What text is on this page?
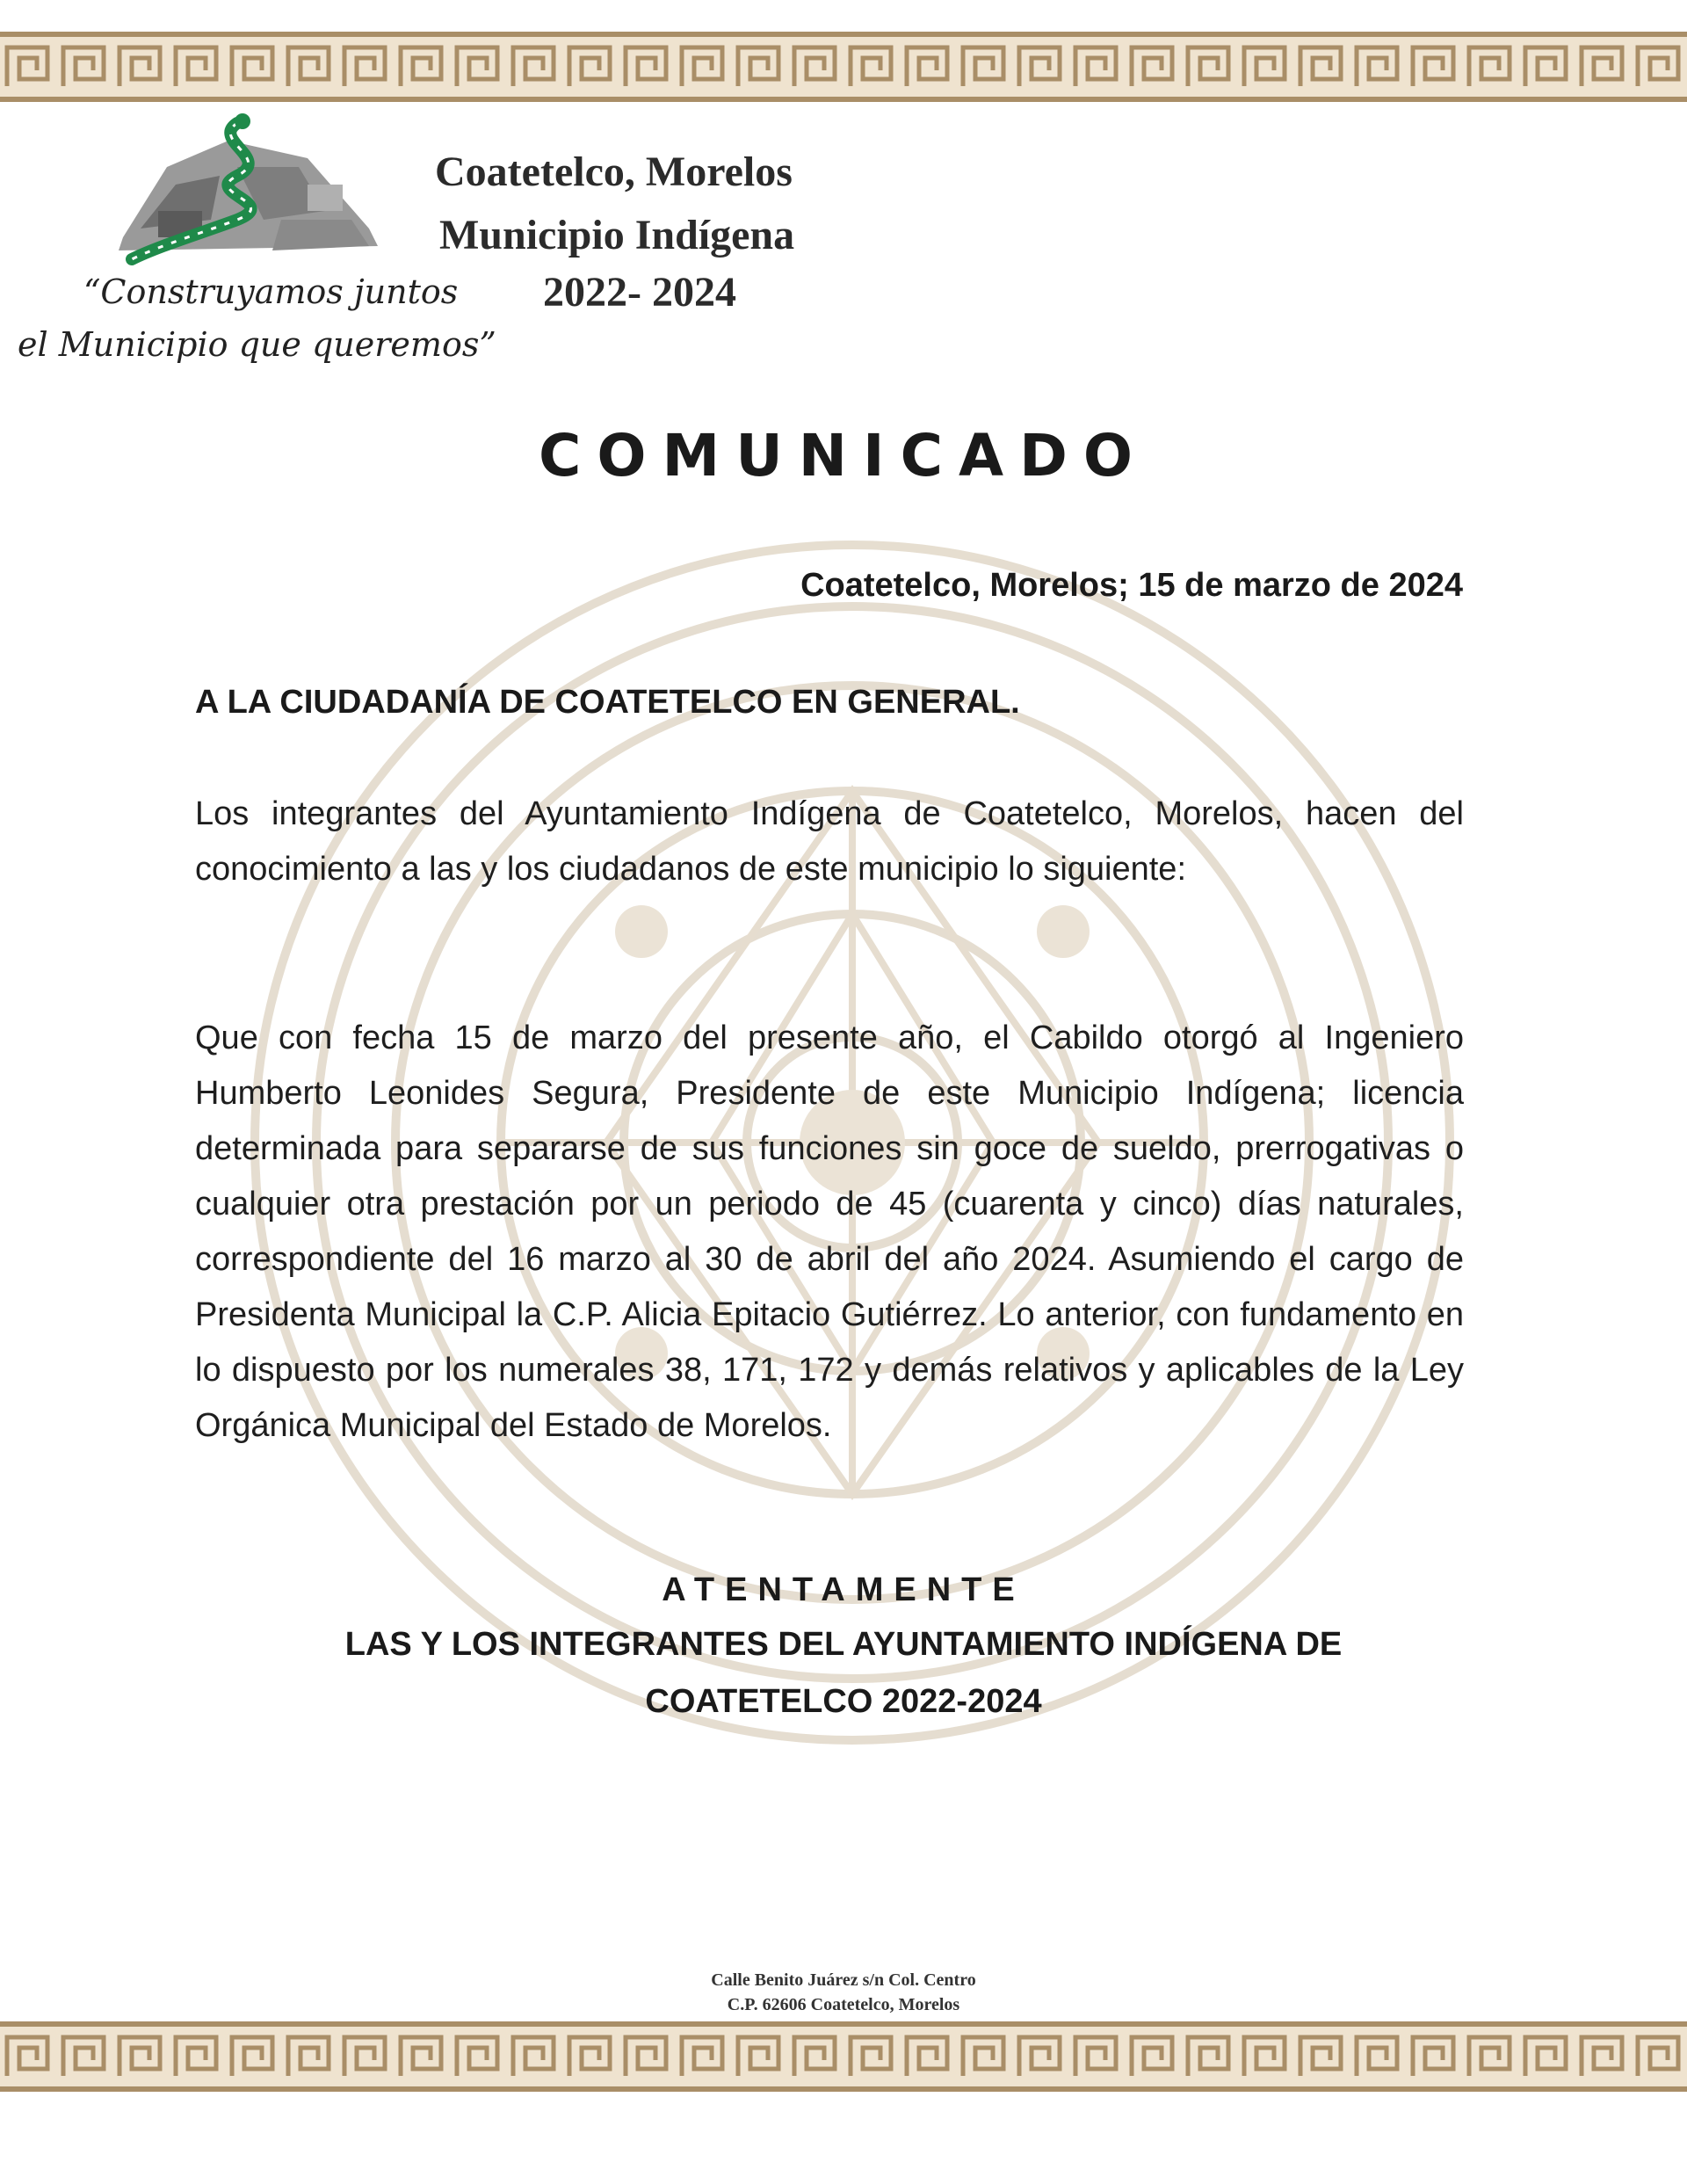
Coatetelco, Morelos
Municipio Indígena
2022- 2024
“Construyamos juntos
el Municipio que queremos”
COMUNICADO
Coatetelco, Morelos; 15 de marzo de 2024
A LA CIUDADANÍA DE COATETELCO EN GENERAL.
Los integrantes del Ayuntamiento Indígena de Coatetelco, Morelos, hacen del conocimiento a las y los ciudadanos de este municipio lo siguiente:
Que con fecha 15 de marzo del presente año, el Cabildo otorgó al Ingeniero Humberto Leonides Segura, Presidente de este Municipio Indígena; licencia determinada para separarse de sus funciones sin goce de sueldo, prerrogativas o cualquier otra prestación por un periodo de 45 (cuarenta y cinco) días naturales, correspondiente del 16 marzo al 30 de abril del año 2024. Asumiendo el cargo de Presidenta Municipal la C.P. Alicia Epitacio Gutiérrez. Lo anterior, con fundamento en lo dispuesto por los numerales 38, 171, 172 y demás relativos y aplicables de la Ley Orgánica Municipal del Estado de Morelos.
ATENTAMENTE
LAS Y LOS INTEGRANTES DEL AYUNTAMIENTO INDÍGENA DE
COATETELCO 2022-2024
Calle Benito Juárez s/n Col. Centro
C.P. 62606 Coatetelco, Morelos
